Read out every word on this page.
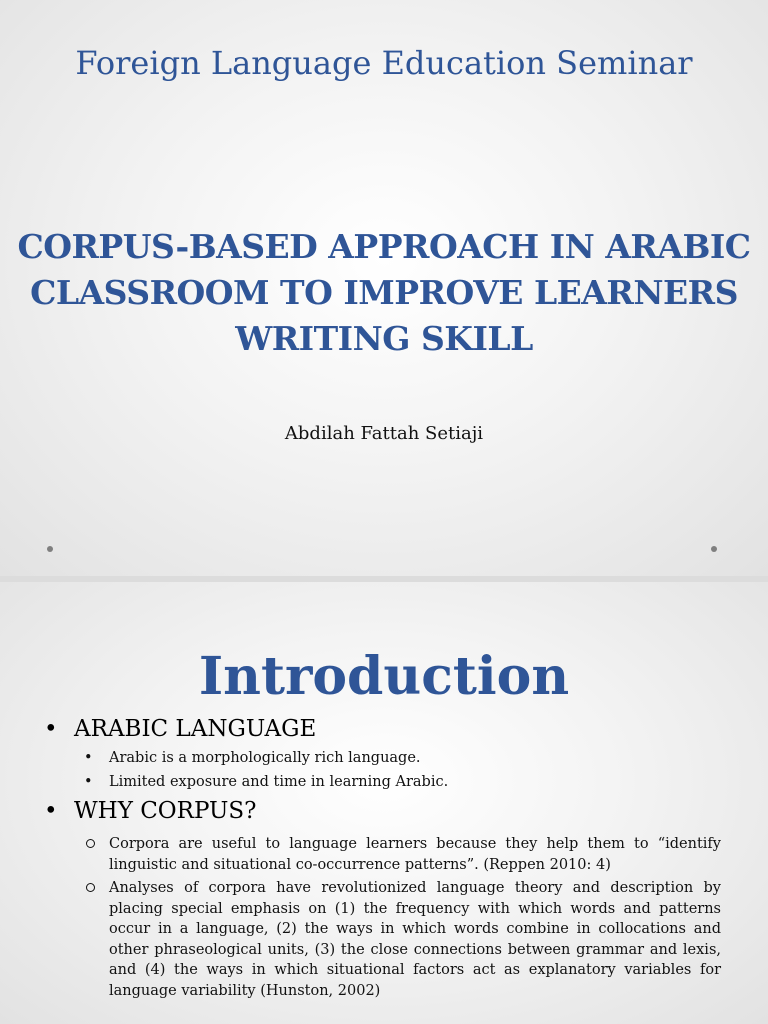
Foreign Language Education Seminar
CORPUS-BASED APPROACH IN ARABIC CLASSROOM TO IMPROVE LEARNERS WRITING SKILL
Abdilah Fattah Setiaji
Introduction
• ARABIC LANGUAGE
• Arabic is a morphologically rich language.
• Limited exposure and time in learning Arabic.
• WHY CORPUS?
Corpora are useful to language learners because they help them to “identify linguistic and situational co-occurrence patterns”. (Reppen 2010: 4)
Analyses of corpora have revolutionized language theory and description by placing special emphasis on (1) the frequency with which words and patterns occur in a language, (2) the ways in which words combine in collocations and other phraseological units, (3) the close connections between grammar and lexis, and (4) the ways in which situational factors act as explanatory variables for language variability (Hunston, 2002)
